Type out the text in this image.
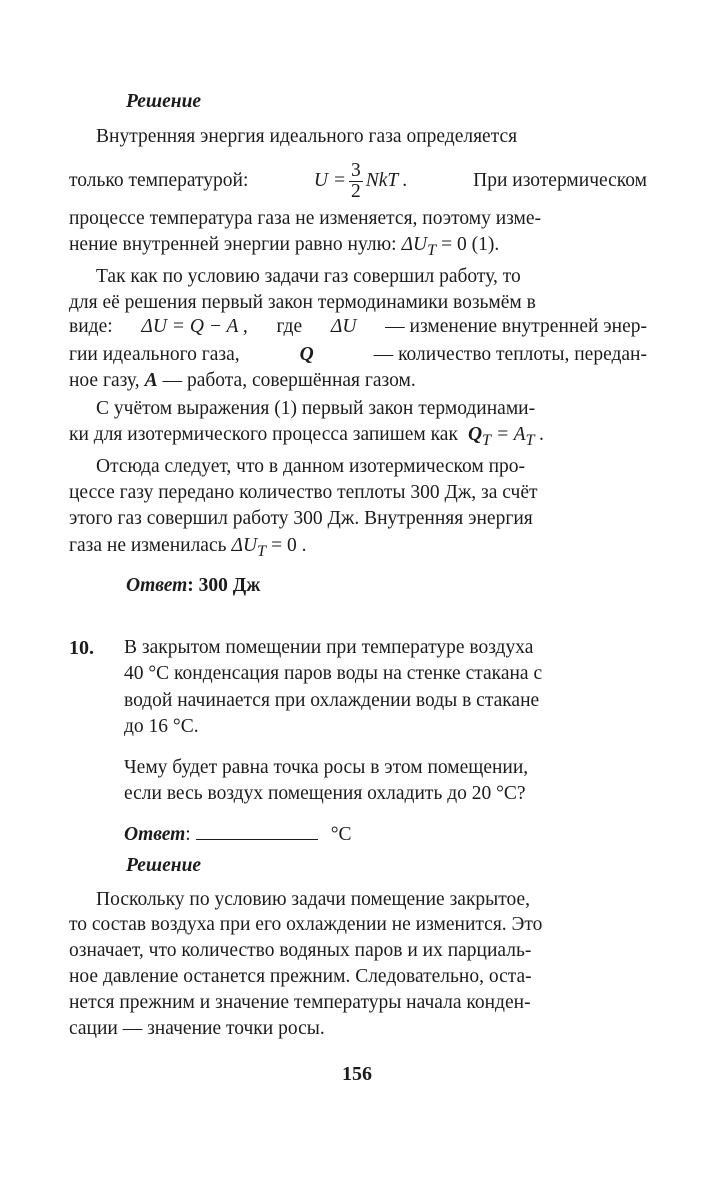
Решение
Внутренняя энергия идеального газа определяется
только температурой:	$U = \frac{3}{2}$ NkT .	При изотермическом
процессе температура газа не изменяется, поэтому изме-
нение внутренней энергии равно нулю: $\Delta U_T = 0$ (1).
Так как по условию задачи газ совершил работу, то
для её решения первый закон термодинамики возьмём в
виде: ΔU = Q − A , где ΔU — изменение внутренней энер-
гии идеального газа,	Q	— количество теплоты, передан-
ное газу, A — работа, совершённая газом.
С учётом выражения (1) первый закон термодинами-
ки для изотермического процесса запишем как $Q_T = A_T$ .
Отсюда следует, что в данном изотермическом про-
цессе газу передано количество теплоты 300 Дж, за счёт
этого газ совершил работу 300 Дж. Внутренняя энергия
газа не изменилась $\Delta U_T = 0$ .
Ответ: 300 Дж
10. В закрытом помещении при температуре воздуха
40 °С конденсация паров воды на стенке стакана с
водой начинается при охлаждении воды в стакане
до 16 °С.
Чему будет равна точка росы в этом помещении,
если весь воздух помещения охладить до 20 °С?
Ответ :	°С
Решение
Поскольку по условию задачи помещение закрытое,
то состав воздуха при его охлаждении не изменится. Это
означает, что количество водяных паров и их парциаль-
ное давление останется прежним. Следовательно, оста-
нется прежним и значение температуры начала конден-
сации — значение точки росы.
156
